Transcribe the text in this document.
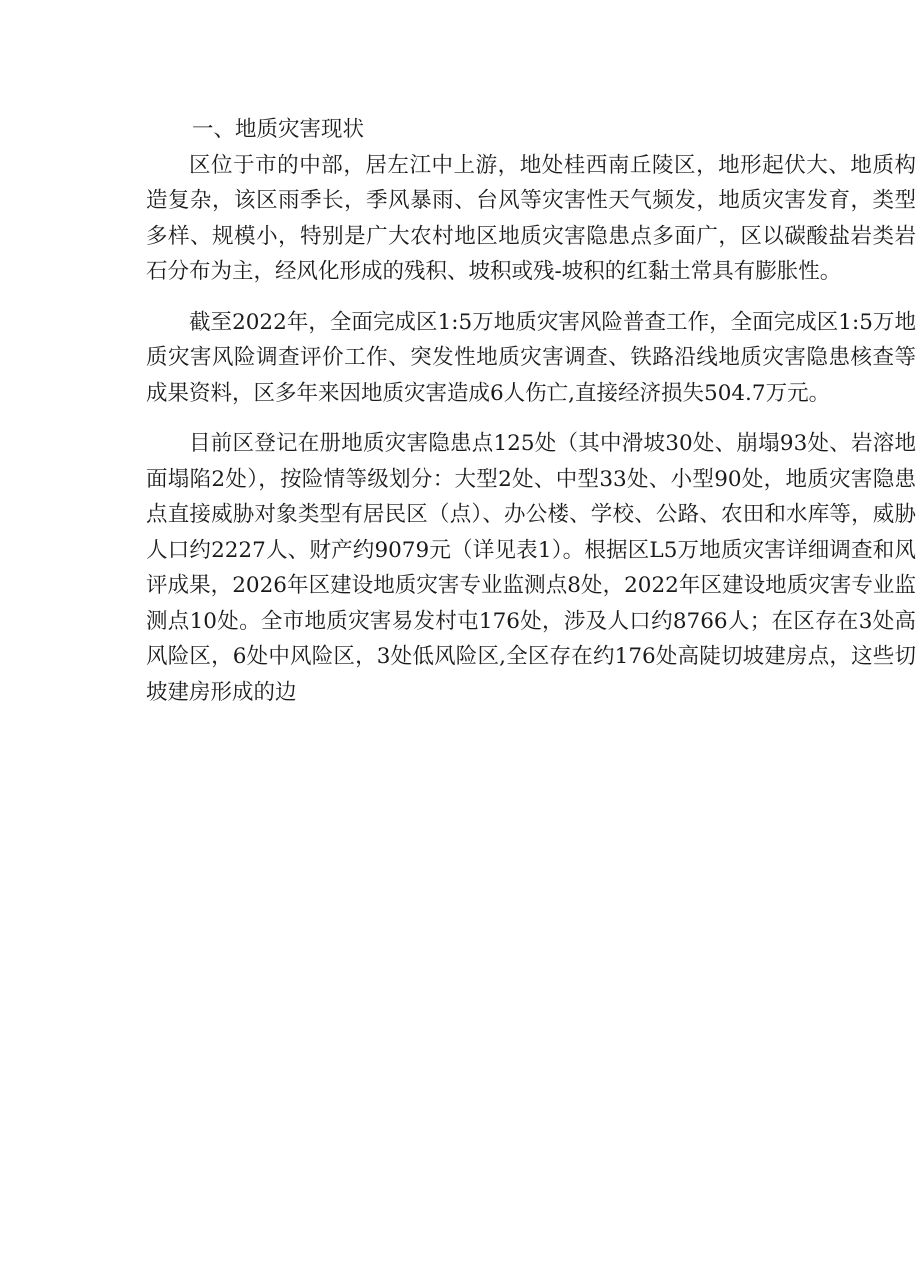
一、地质灾害现状

区位于市的中部，居左江中上游，地处桂西南丘陵区，地形起伏大、地质构造复杂，该区雨季长，季风暴雨、台风等灾害性天气频发，地质灾害发育，类型多样、规模小，特别是广大农村地区地质灾害隐患点多面广，区以碳酸盐岩类岩石分布为主，经风化形成的残积、坡积或残-坡积的红黏土常具有膨胀性。

截至2022年，全面完成区1:5万地质灾害风险普查工作，全面完成区1:5万地质灾害风险调查评价工作、突发性地质灾害调查、铁路沿线地质灾害隐患核查等成果资料，区多年来因地质灾害造成6人伤亡,直接经济损失504.7万元。

目前区登记在册地质灾害隐患点125处（其中滑坡30处、崩塌93处、岩溶地面塌陷2处），按险情等级划分：大型2处、中型33处、小型90处，地质灾害隐患点直接威胁对象类型有居民区（点）、办公楼、学校、公路、农田和水库等，威胁人口约2227人、财产约9079元（详见表1）。根据区L5万地质灾害详细调查和风评成果，2026年区建设地质灾害专业监测点8处，2022年区建设地质灾害专业监测点10处。全市地质灾害易发村屯176处，涉及人口约8766人；在区存在3处高风险区，6处中风险区，3处低风险区,全区存在约176处高陡切坡建房点，这些切坡建房形成的边
